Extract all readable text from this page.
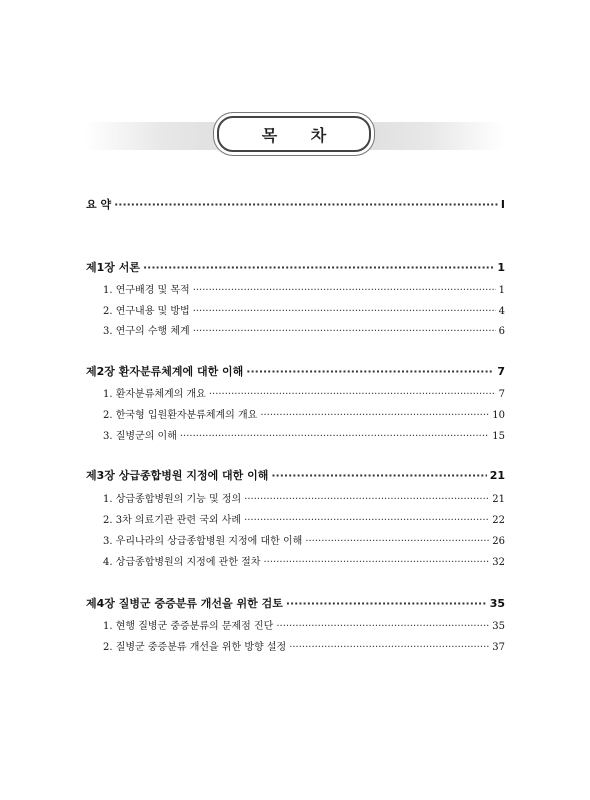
목 차
요 약 ·····	Ⅰ
제1장 서론 ·····	1
1. 연구배경 및 목적 ·····	1
2. 연구내용 및 방법 ·····	4
3. 연구의 수행 체계 ·····	6
제2장 환자분류체계에 대한 이해 ·····	7
1. 환자분류체계의 개요 ·····	7
2. 한국형 입원환자분류체계의 개요 ·····	10
3. 질병군의 이해 ·····	15
제3장 상급종합병원 지정에 대한 이해 ·····	21
1. 상급종합병원의 기능 및 정의 ·····	21
2. 3차 의료기관 관련 국외 사례 ·····	22
3. 우리나라의 상급종합병원 지정에 대한 이해 ·····	26
4. 상급종합병원의 지정에 관한 절차 ·····	32
제4장 질병군 중증분류 개선을 위한 검토 ·····	35
1. 현행 질병군 중증분류의 문제점 진단 ·····	35
2. 질병군 중증분류 개선을 위한 방향 설정 ·····	37
